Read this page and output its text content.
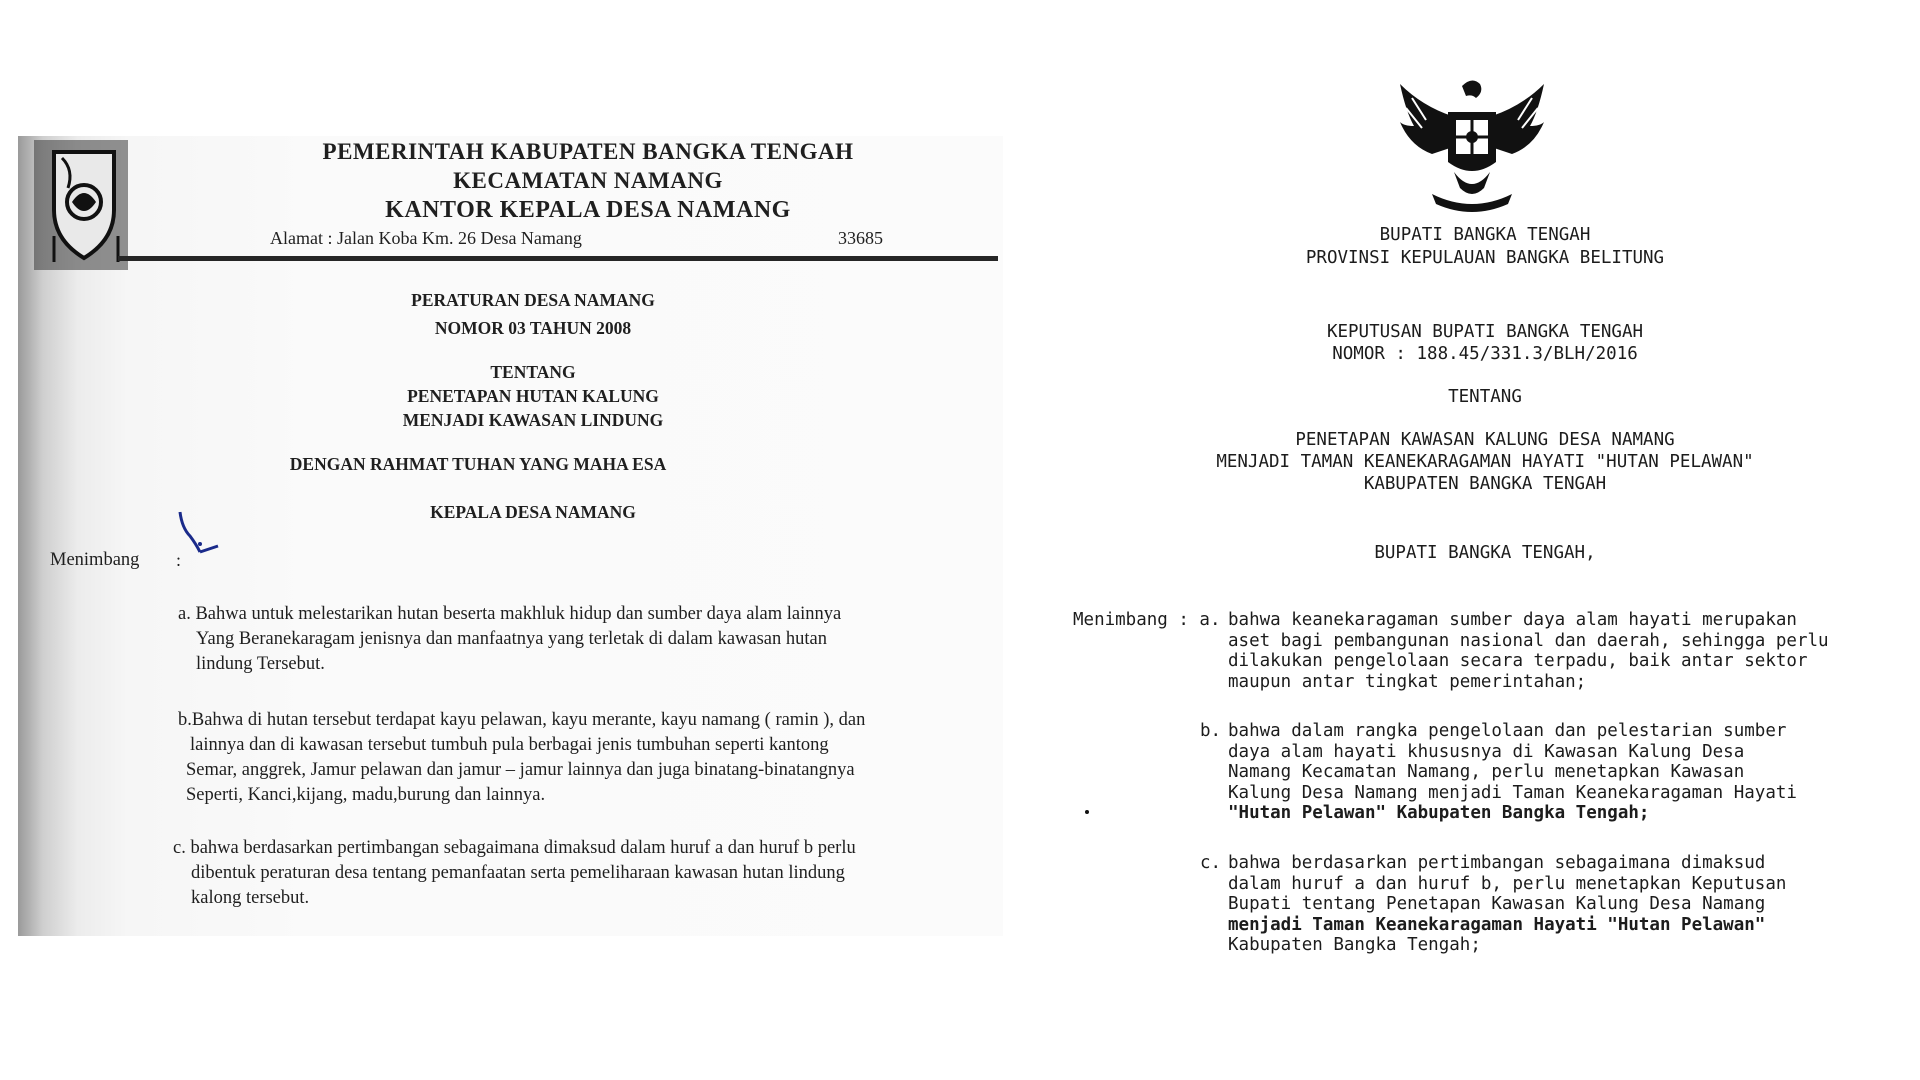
PEMERINTAH KABUPATEN BANGKA TENGAH
KECAMATAN NAMANG
KANTOR KEPALA DESA NAMANG
Alamat : Jalan Koba Km. 26 Desa Namang	33685
PERATURAN DESA NAMANG
NOMOR 03 TAHUN 2008
TENTANG
PENETAPAN HUTAN KALUNG
MENJADI KAWASAN LINDUNG
DENGAN RAHMAT TUHAN YANG MAHA ESA
KEPALA DESA NAMANG
Menimbang :

a. Bahwa untuk melestarikan hutan beserta makhluk hidup dan sumber daya alam lainnya

Yang Beranekaragam jenisnya dan manfaatnya yang terletak di dalam kawasan hutan

lindung Tersebut.

b.Bahwa di hutan tersebut terdapat kayu pelawan, kayu merante, kayu namang ( ramin ), dan

lainnya dan di kawasan tersebut tumbuh pula berbagai jenis tumbuhan seperti kantong

Semar, anggrek, Jamur pelawan dan jamur – jamur lainnya dan juga binatang-binatangnya

Seperti, Kanci,kijang, madu,burung dan lainnya.

c. bahwa berdasarkan pertimbangan sebagaimana dimaksud dalam huruf a dan huruf b perlu

dibentuk peraturan desa tentang pemanfaatan serta pemeliharaan kawasan hutan lindung

kalong tersebut.

BUPATI BANGKA TENGAH
PROVINSI KEPULAUAN BANGKA BELITUNG
KEPUTUSAN BUPATI BANGKA TENGAH
NOMOR : 188.45/331.3/BLH/2016
TENTANG
PENETAPAN KAWASAN KALUNG DESA NAMANG
MENJADI TAMAN KEANEKARAGAMAN HAYATI "HUTAN PELAWAN"
KABUPATEN BANGKA TENGAH
BUPATI BANGKA TENGAH,
Menimbang : a. bahwa keanekaragaman sumber daya alam hayati merupakan

aset bagi pembangunan nasional dan daerah, sehingga perlu

dilakukan pengelolaan secara terpadu, baik antar sektor

maupun antar tingkat pemerintahan;

b. bahwa dalam rangka pengelolaan dan pelestarian sumber

daya alam hayati khususnya di Kawasan Kalung Desa

Namang Kecamatan Namang, perlu menetapkan Kawasan

Kalung Desa Namang menjadi Taman Keanekaragaman Hayati

"Hutan Pelawan" Kabupaten Bangka Tengah;

c. bahwa berdasarkan pertimbangan sebagaimana dimaksud

dalam huruf a dan huruf b, perlu menetapkan Keputusan

Bupati tentang Penetapan Kawasan Kalung Desa Namang

menjadi Taman Keanekaragaman Hayati "Hutan Pelawan"

Kabupaten Bangka Tengah;
